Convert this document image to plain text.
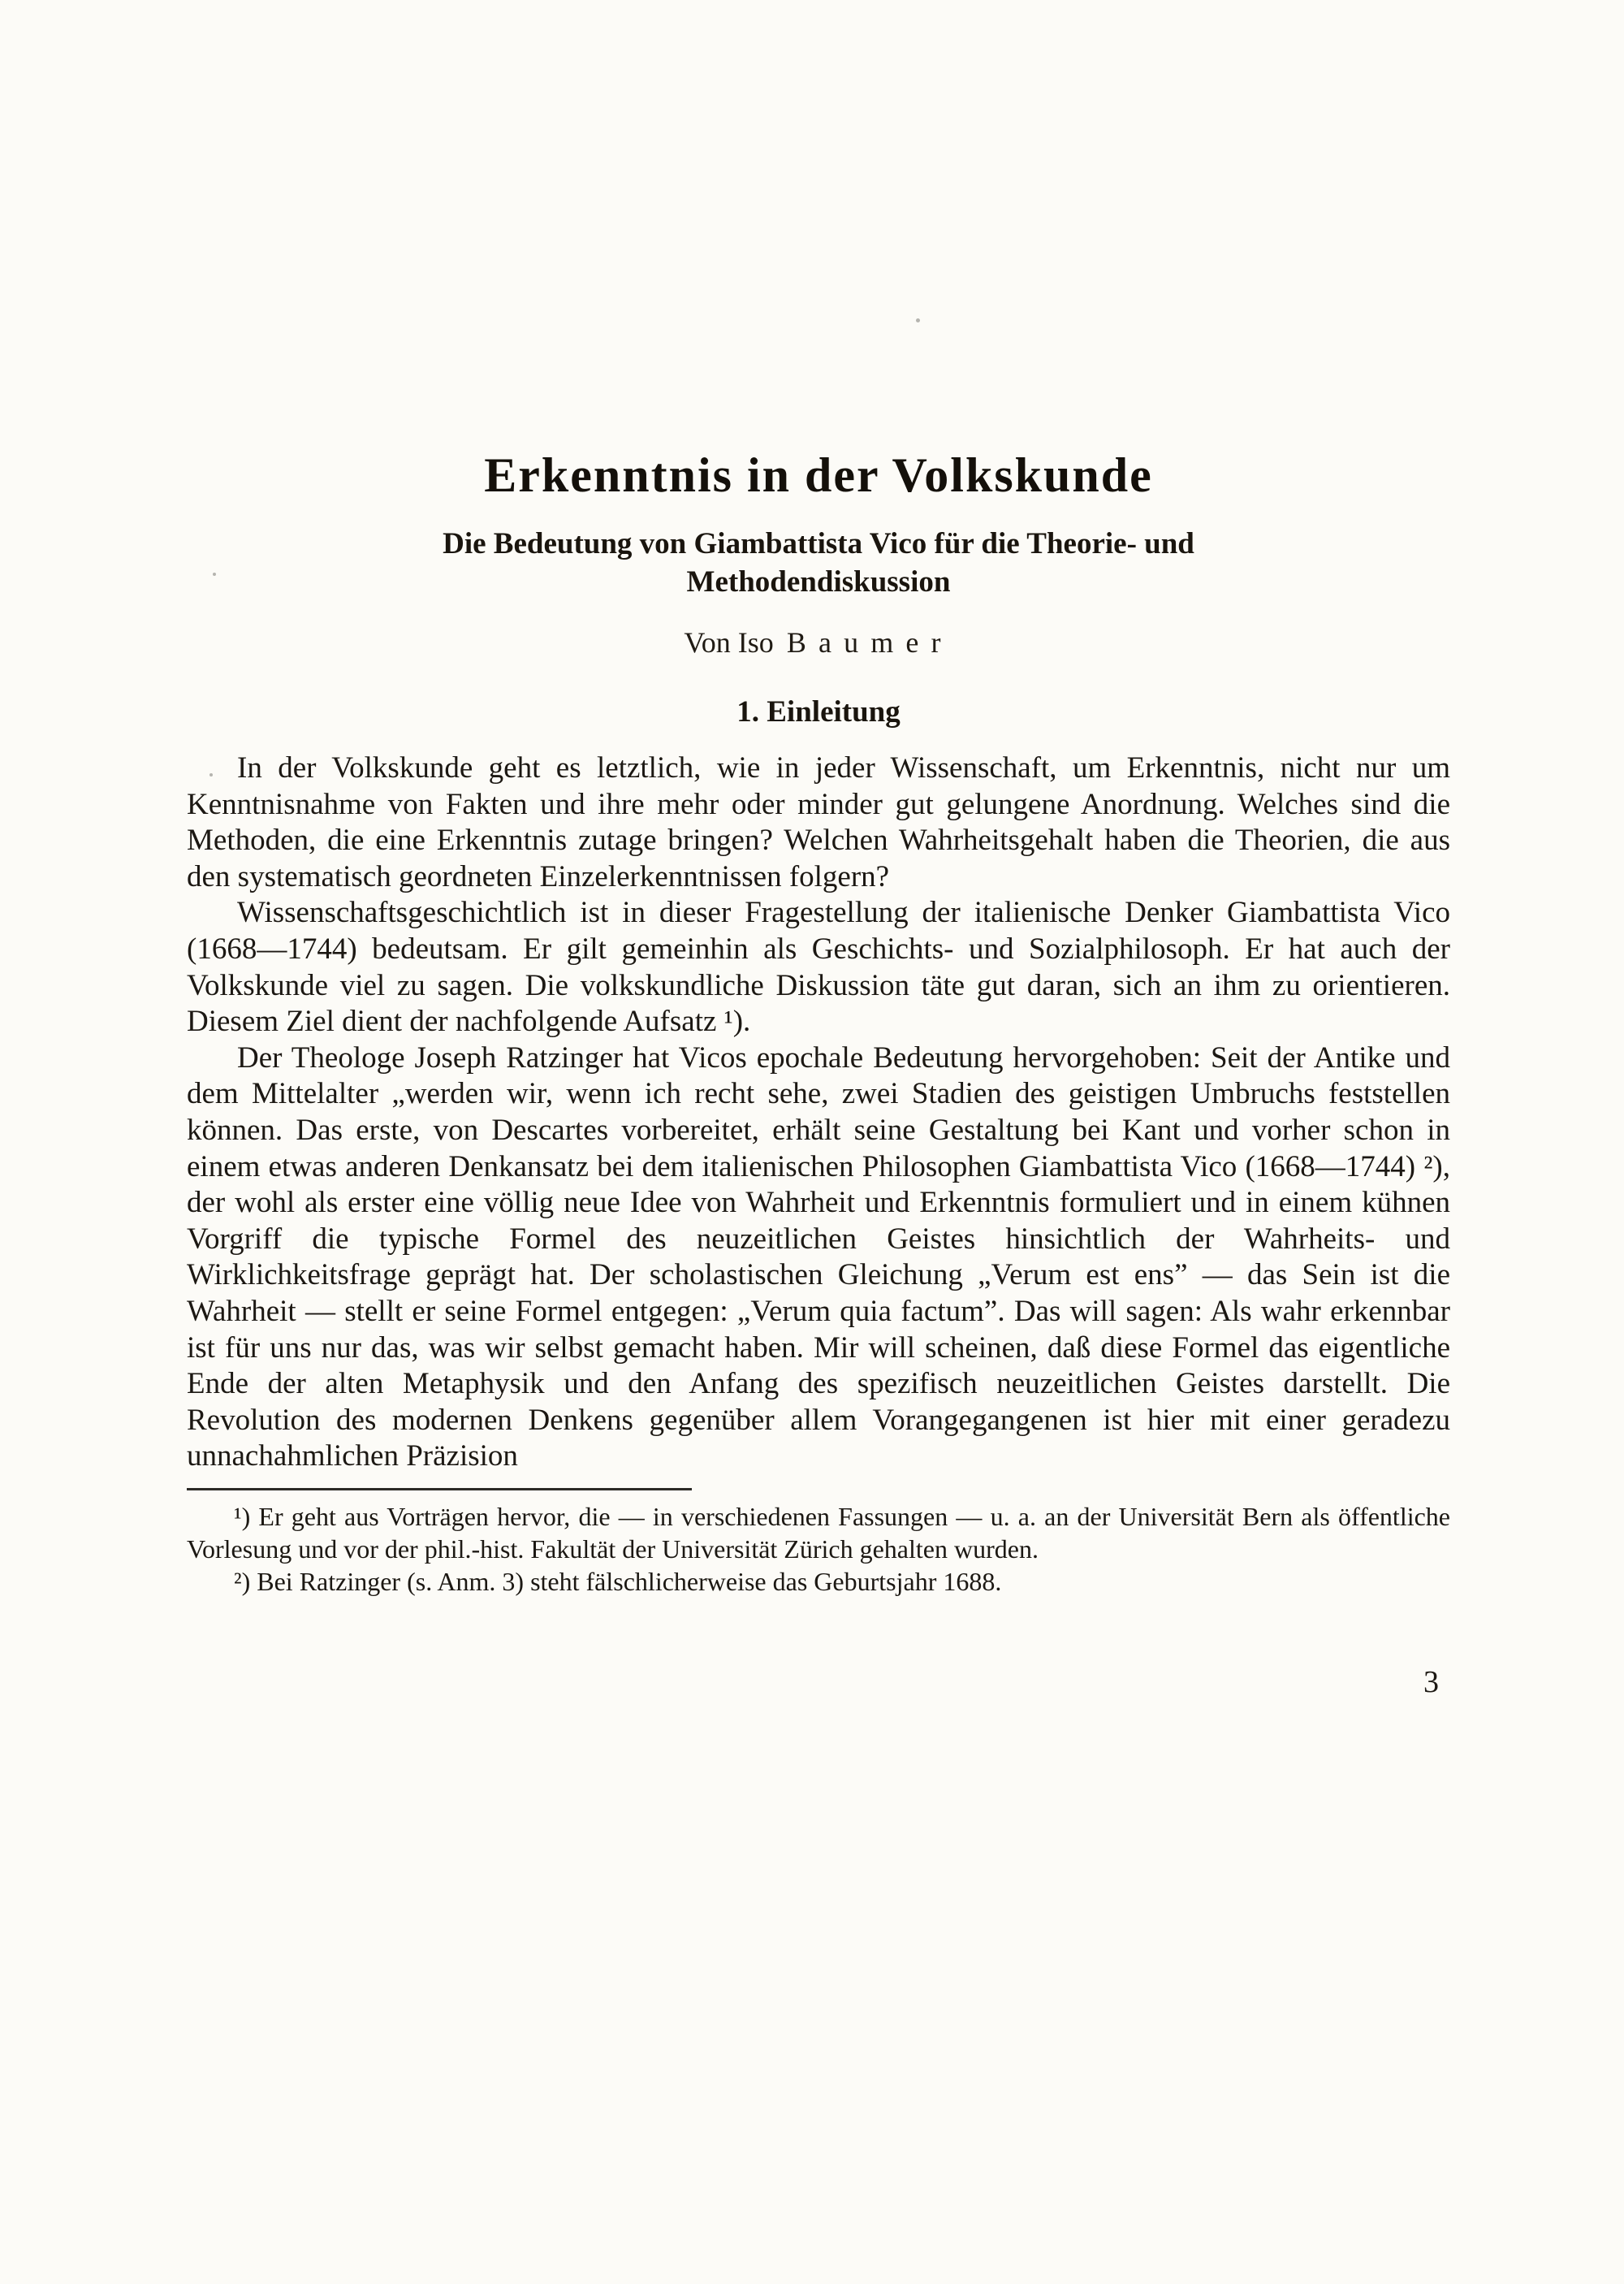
Erkenntnis in der Volkskunde
Die Bedeutung von Giambattista Vico für die Theorie- und
Methodendiskussion
Von Iso Baumer
1. Einleitung

In der Volkskunde geht es letztlich, wie in jeder Wissenschaft, um Erkenntnis, nicht nur um Kenntnisnahme von Fakten und ihre mehr oder minder gut gelungene Anordnung. Welches sind die Methoden, die eine Erkenntnis zutage bringen? Welchen Wahrheitsgehalt haben die Theorien, die aus den systematisch geordneten Einzelerkenntnissen folgern?

Wissenschaftsgeschichtlich ist in dieser Fragestellung der italienische Denker Giambattista Vico (1668—1744) bedeutsam. Er gilt gemeinhin als Geschichts- und Sozialphilosoph. Er hat auch der Volkskunde viel zu sagen. Die volkskundliche Diskussion täte gut daran, sich an ihm zu orientieren. Diesem Ziel dient der nachfolgende Aufsatz ¹).

Der Theologe Joseph Ratzinger hat Vicos epochale Bedeutung hervorgehoben: Seit der Antike und dem Mittelalter „werden wir, wenn ich recht sehe, zwei Stadien des geistigen Umbruchs feststellen können. Das erste, von Descartes vorbereitet, erhält seine Gestaltung bei Kant und vorher schon in einem etwas anderen Denkansatz bei dem italienischen Philosophen Giambattista Vico (1668—1744) ²), der wohl als erster eine völlig neue Idee von Wahrheit und Erkenntnis formuliert und in einem kühnen Vorgriff die typische Formel des neuzeitlichen Geistes hinsichtlich der Wahrheits- und Wirklichkeitsfrage geprägt hat. Der scholastischen Gleichung „Verum est ens” — das Sein ist die Wahrheit — stellt er seine Formel entgegen: „Verum quia factum”. Das will sagen: Als wahr erkennbar ist für uns nur das, was wir selbst gemacht haben. Mir will scheinen, daß diese Formel das eigentliche Ende der alten Metaphysik und den Anfang des spezifisch neuzeitlichen Geistes darstellt. Die Revolution des modernen Denkens gegenüber allem Vorangegangenen ist hier mit einer geradezu unnachahmlichen Präzision

¹) Er geht aus Vorträgen hervor, die — in verschiedenen Fassungen — u. a. an der Universität Bern als öffentliche Vorlesung und vor der phil.-hist. Fakultät der Universität Zürich gehalten wurden.

²) Bei Ratzinger (s. Anm. 3) steht fälschlicherweise das Geburtsjahr 1688.

3
